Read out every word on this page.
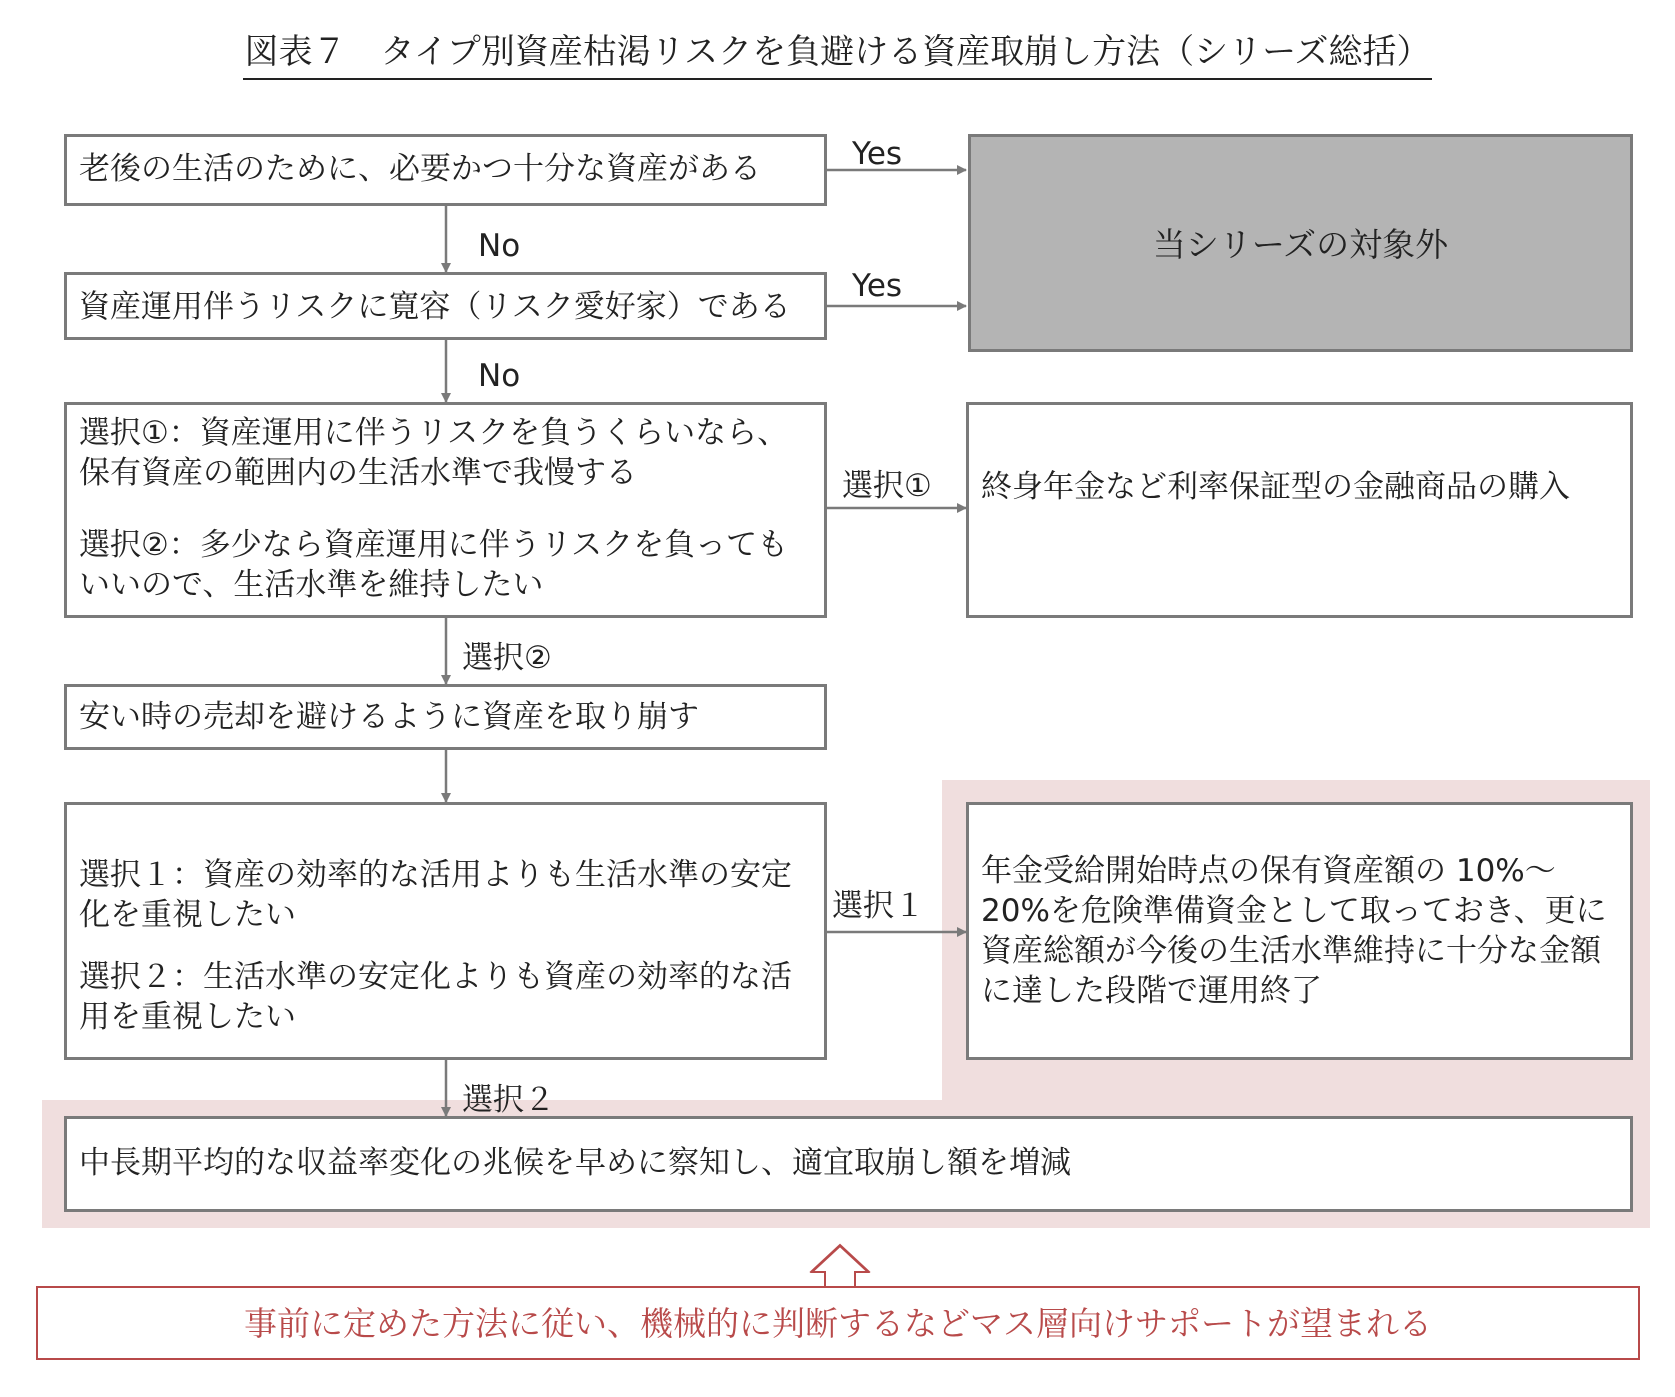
図表７　タイプ別資産枯渇リスクを負避ける資産取崩し方法（シリーズ総括）

老後の生活のために、必要かつ十分な資産がある

資産運用伴うリスクに寛容（リスク愛好家）である

当シリーズの対象外

選択①：資産運用に伴うリスクを負うくらいなら、保有資産の範囲内の生活水準で我慢する

選択②：多少なら資産運用に伴うリスクを負ってもいいので、生活水準を維持したい

終身年金など利率保証型の金融商品の購入

安い時の売却を避けるように資産を取り崩す

選択１：資産の効率的な活用よりも生活水準の安定化を重視したい

選択２：生活水準の安定化よりも資産の効率的な活用を重視したい

年金受給開始時点の保有資産額の 10%～20%を危険準備資金として取っておき、更に資産総額が今後の生活水準維持に十分な金額に達した段階で運用終了

中長期平均的な収益率変化の兆候を早めに察知し、適宜取崩し額を増減

Yes
Yes
No
No
選択①
選択②
選択１
選択２
事前に定めた方法に従い、機械的に判断するなどマス層向けサポートが望まれる
